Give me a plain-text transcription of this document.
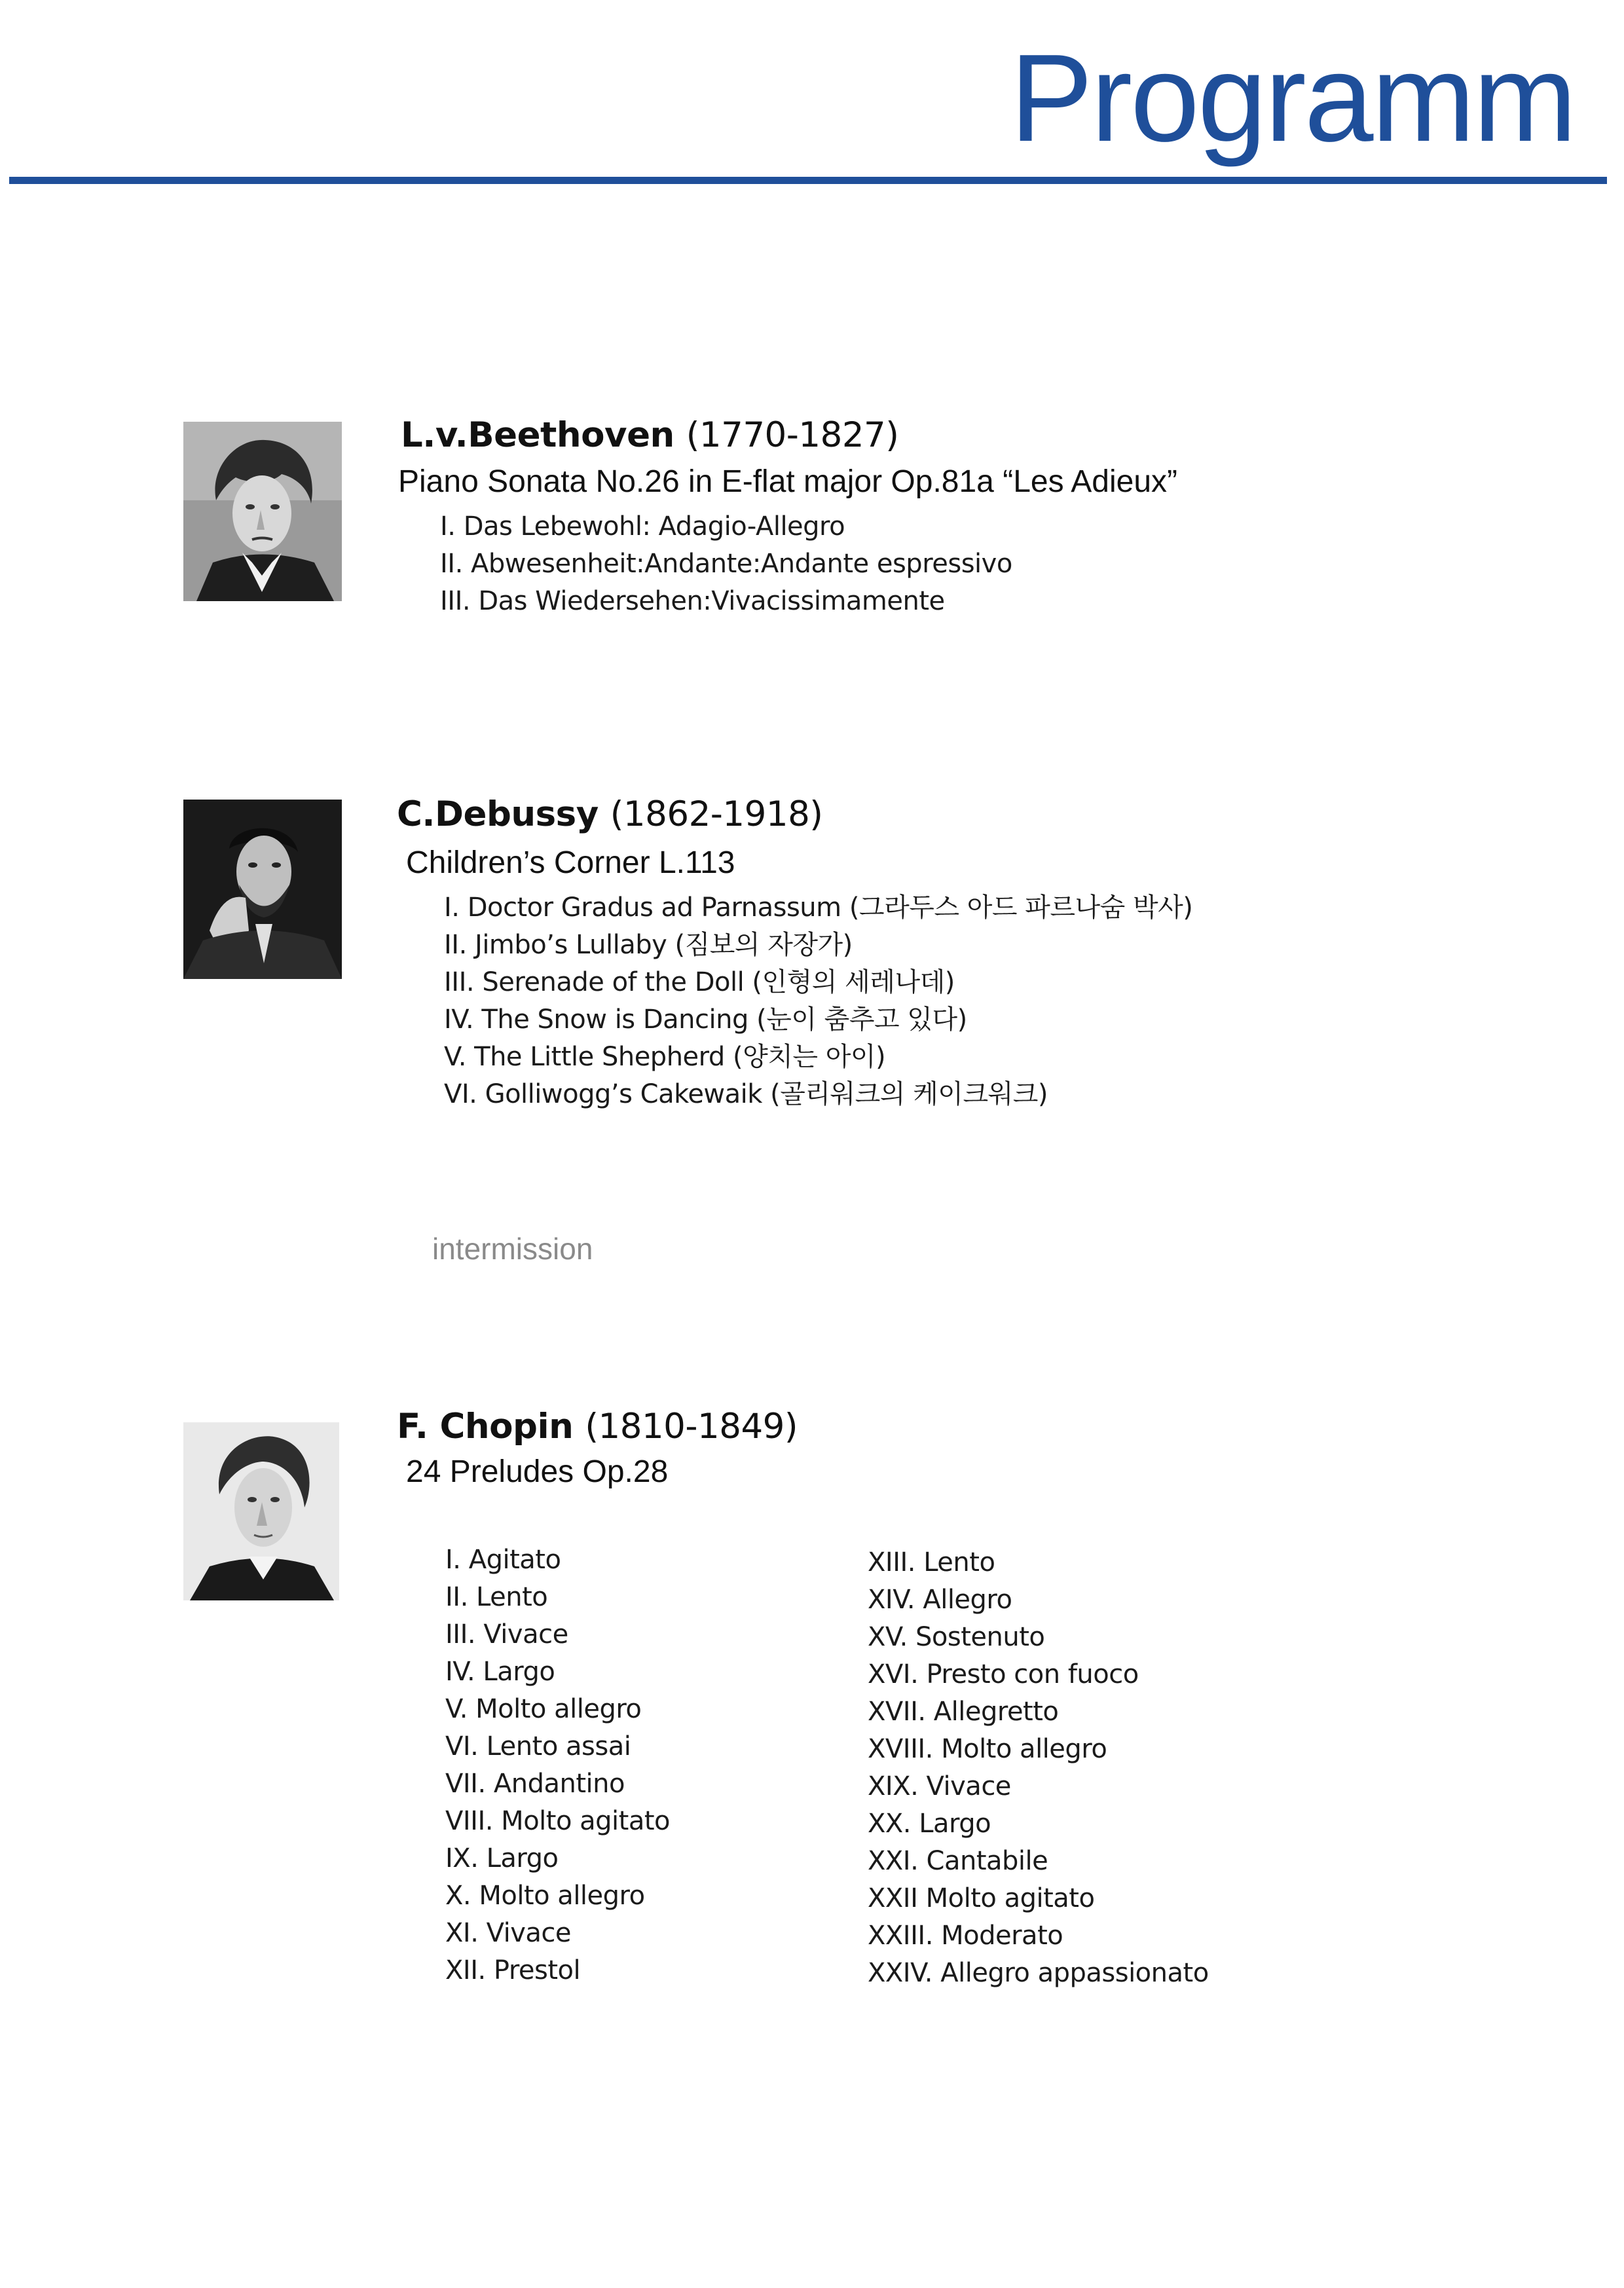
Programm
L.v.Beethoven (1770-1827)
Piano Sonata No.26 in E-flat major Op.81a “Les Adieux”
I. Das Lebewohl: Adagio-Allegro
II. Abwesenheit:Andante:Andante espressivo
III. Das Wiedersehen:Vivacissimamente
C.Debussy (1862-1918)
Children’s Corner L.113
I. Doctor Gradus ad Parnassum (그라두스 아드 파르나숨 박사)
II. Jimbo’s Lullaby (짐보의 자장가)
III. Serenade of the Doll (인형의 세레나데)
IV. The Snow is Dancing (눈이 춤추고 있다)
V. The Little Shepherd (양치는 아이)
VI. Golliwogg’s Cakewaik (골리워크의 케이크워크)
intermission
F. Chopin (1810-1849)
24 Preludes Op.28
I. Agitato
II. Lento
III. Vivace
IV. Largo
V. Molto allegro
VI. Lento assai
VII. Andantino
VIII. Molto agitato
IX. Largo
X. Molto allegro
XI. Vivace
XII. Prestol
XIII. Lento
XIV. Allegro
XV. Sostenuto
XVI. Presto con fuoco
XVII. Allegretto
XVIII. Molto allegro
XIX. Vivace
XX. Largo
XXI. Cantabile
XXII Molto agitato
XXIII. Moderato
XXIV. Allegro appassionato
